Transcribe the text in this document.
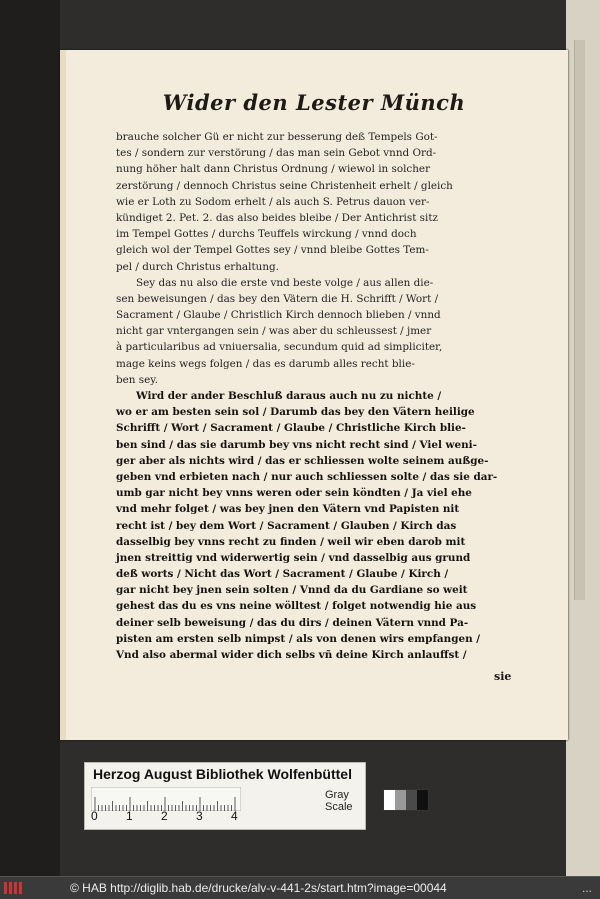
Wider den Lester Münch
brauche solcher Gü er nicht zur besserung deß Tempels Got-
tes / sondern zur verstörung / das man sein Gebot vnnd Ord-
nung höher halt dann Christus Ordnung / wiewol in solcher
zerstörung / dennoch Christus seine Christenheit erhelt / gleich
wie er Loth zu Sodom erhelt / als auch S. Petrus dauon ver-
kündiget 2. Pet. 2. das also beides bleibe / Der Antichrist sitz
im Tempel Gottes / durchs Teuffels wirckung / vnnd doch
gleich wol der Tempel Gottes sey / vnnd bleibe Gottes Tem-
pel / durch Christus erhaltung.
Sey das nu also die erste vnd beste volge / aus allen die-
sen beweisungen / das bey den Vätern die H. Schrifft / Wort /
Sacrament / Glaube / Christlich Kirch dennoch blieben / vnnd
nicht gar vntergangen sein / was aber du schleussest / jmer
à particularibus ad vniuersalia, secundum quid ad simpliciter,
mage keins wegs folgen / das es darumb alles recht blie-
ben sey.
Wird der ander Beschluß daraus auch nu zu nichte /
wo er am besten sein sol / Darumb das bey den Vätern heilige
Schrifft / Wort / Sacrament / Glaube / Christliche Kirch blie-
ben sind / das sie darumb bey vns nicht recht sind / Viel weni-
ger aber als nichts wird / das er schliessen wolte seinem außge-
geben vnd erbieten nach / nur auch schliessen solte / das sie dar-
umb gar nicht bey vnns weren oder sein köndten / Ja viel ehe
vnd mehr folget / was bey jnen den Vätern vnd Papisten nit
recht ist / bey dem Wort / Sacrament / Glauben / Kirch das
dasselbig bey vnns recht zu finden / weil wir eben darob mit
jnen streittig vnd widerwertig sein / vnd dasselbig aus grund
deß worts / Nicht das Wort / Sacrament / Glaube / Kirch /
gar nicht bey jnen sein solten / Vnnd da du Gardiane so weit
gehest das du es vns neine wölltest / folget notwendig hie aus
deiner selb beweisung / das du dirs / deinen Vätern vnnd Pa-
pisten am ersten selb nimpst / als von denen wirs empfangen /
Vnd also abermal wider dich selbs vñ deine Kirch anlauffst /
sie
Herzog August Bibliothek Wolfenbüttel
0 1 2 3 4
Gray Scale
© HAB http://diglib.hab.de/drucke/alv-v-441-2s/start.htm?image=00044	...
